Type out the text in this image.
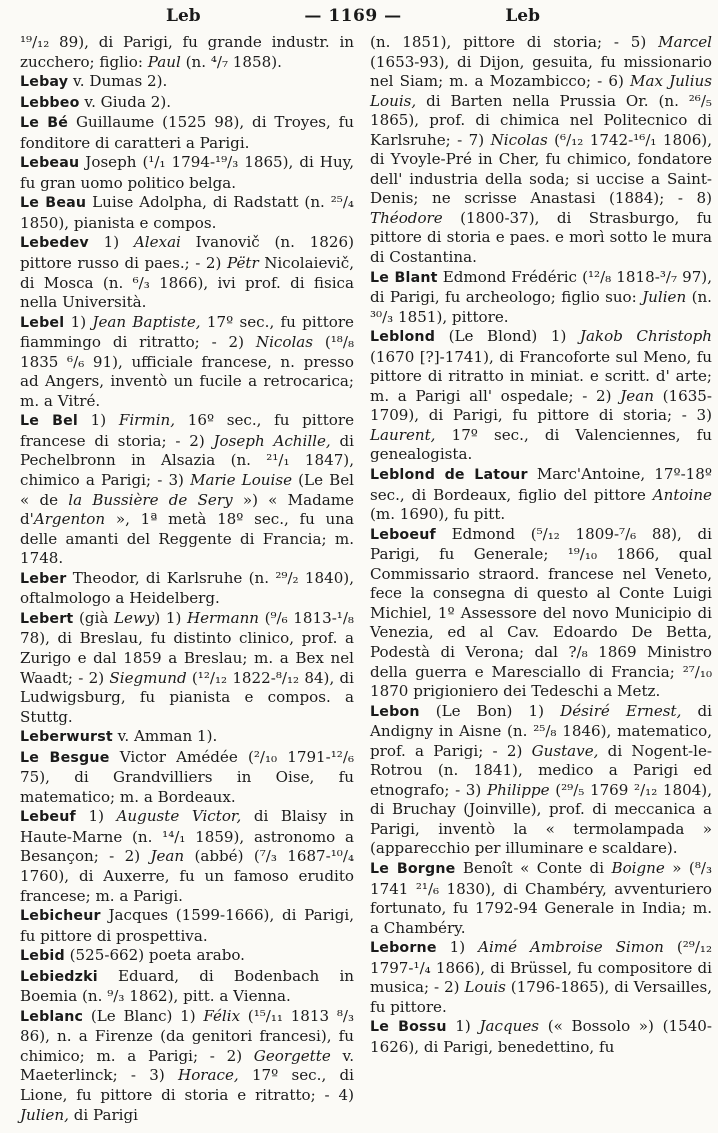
Leb	— 1169 —	Leb

¹⁹/₁₂ 89), di Parigi, fu grande industr. in zucchero; figlio: Paul (n. ⁴/₇ 1858).

Lebay v. Dumas 2).

Lebbeo v. Giuda 2).

Le Bé Guillaume (1525 98), di Troyes, fu fonditore di caratteri a Parigi.

Lebeau Joseph (¹/₁ 1794-¹⁹/₃ 1865), di Huy, fu gran uomo politico belga.

Le Beau Luise Adolpha, di Radstatt (n. ²⁵/₄ 1850), pianista e compos.

Lebedev 1) Alexai Ivanovič (n. 1826) pittore russo di paes.; - 2) Pëtr Nicolaievič, di Mosca (n. ⁶/₃ 1866), ivi prof. di fisica nella Università.

Lebel 1) Jean Baptiste, 17º sec., fu pittore fiammingo di ritratto; - 2) Nicolas (¹⁸/₈ 1835 ⁶/₆ 91), ufficiale francese, n. presso ad Angers, inventò un fucile a retrocarica; m. a Vitré.

Le Bel 1) Firmin, 16º sec., fu pittore francese di storia; - 2) Joseph Achille, di Pechelbronn in Alsazia (n. ²¹/₁ 1847), chimico a Parigi; - 3) Marie Louise (Le Bel « de la Bussière de Sery ») « Madame d'Argenton », 1ª metà 18º sec., fu una delle amanti del Reggente di Francia; m. 1748.

Leber Theodor, di Karlsruhe (n. ²⁹/₂ 1840), oftalmologo a Heidelberg.

Lebert (già Lewy) 1) Hermann (⁹/₆ 1813-¹/₈ 78), di Breslau, fu distinto clinico, prof. a Zurigo e dal 1859 a Breslau; m. a Bex nel Waadt; - 2) Siegmund (¹²/₁₂ 1822-⁸/₁₂ 84), di Ludwigsburg, fu pianista e compos. a Stuttg.

Leberwurst v. Amman 1).

Le Besgue Victor Amédée (²/₁₀ 1791-¹²/₆ 75), di Grandvilliers in Oise, fu matematico; m. a Bordeaux.

Lebeuf 1) Auguste Victor, di Blaisy in Haute-Marne (n. ¹⁴/₁ 1859), astronomo a Besançon; - 2) Jean (abbé) (⁷/₃ 1687-¹⁰/₄ 1760), di Auxerre, fu un famoso erudito francese; m. a Parigi.

Lebicheur Jacques (1599-1666), di Parigi, fu pittore di prospettiva.

Lebid (525-662) poeta arabo.

Lebiedzki Eduard, di Bodenbach in Boemia (n. ⁹/₃ 1862), pitt. a Vienna.

Leblanc (Le Blanc) 1) Félix (¹⁵/₁₁ 1813 ⁸/₃ 86), n. a Firenze (da genitori francesi), fu chimico; m. a Parigi; - 2) Georgette v. Maeterlinck; - 3) Horace, 17º sec., di Lione, fu pittore di storia e ritratto; - 4) Julien, di Parigi

(n. 1851), pittore di storia; - 5) Marcel (1653-93), di Dijon, gesuita, fu missionario nel Siam; m. a Mozambicco; - 6) Max Julius Louis, di Barten nella Prussia Or. (n. ²⁶/₅ 1865), prof. di chimica nel Politecnico di Karlsruhe; - 7) Nicolas (⁶/₁₂ 1742-¹⁶/₁ 1806), di Yvoyle-Pré in Cher, fu chimico, fondatore dell' industria della soda; si uccise a Saint-Denis; ne scrisse Anastasi (1884); - 8) Théodore (1800-37), di Strasburgo, fu pittore di storia e paes. e morì sotto le mura di Costantina.

Le Blant Edmond Frédéric (¹²/₈ 1818-³/₇ 97), di Parigi, fu archeologo; figlio suo: Julien (n. ³⁰/₃ 1851), pittore.

Leblond (Le Blond) 1) Jakob Christoph (1670 [?]-1741), di Francoforte sul Meno, fu pittore di ritratto in miniat. e scritt. d' arte; m. a Parigi all' ospedale; - 2) Jean (1635-1709), di Parigi, fu pittore di storia; - 3) Laurent, 17º sec., di Valenciennes, fu genealogista.

Leblond de Latour Marc'Antoine, 17º-18º sec., di Bordeaux, figlio del pittore Antoine (m. 1690), fu pitt.

Leboeuf Edmond (⁵/₁₂ 1809-⁷/₆ 88), di Parigi, fu Generale; ¹⁹/₁₀ 1866, qual Commissario straord. francese nel Veneto, fece la consegna di questo al Conte Luigi Michiel, 1º Assessore del novo Municipio di Venezia, ed al Cav. Edoardo De Betta, Podestà di Verona; dal ?/₈ 1869 Ministro della guerra e Maresciallo di Francia; ²⁷/₁₀ 1870 prigioniero dei Tedeschi a Metz.

Lebon (Le Bon) 1) Désiré Ernest, di Andigny in Aisne (n. ²⁵/₈ 1846), matematico, prof. a Parigi; - 2) Gustave, di Nogent-le-Rotrou (n. 1841), medico a Parigi ed etnografo; - 3) Philippe (²⁹/₅ 1769 ²/₁₂ 1804), di Bruchay (Joinville), prof. di meccanica a Parigi, inventò la « termolampada » (apparecchio per illuminare e scaldare).

Le Borgne Benoît « Conte di Boigne » (⁸/₃ 1741 ²¹/₆ 1830), di Chambéry, avventuriero fortunato, fu 1792-94 Generale in India; m. a Chambéry.

Leborne 1) Aimé Ambroise Simon (²⁹/₁₂ 1797-¹/₄ 1866), di Brüssel, fu compositore di musica; - 2) Louis (1796-1865), di Versailles, fu pittore.

Le Bossu 1) Jacques (« Bossolo ») (1540-1626), di Parigi, benedettino, fu
